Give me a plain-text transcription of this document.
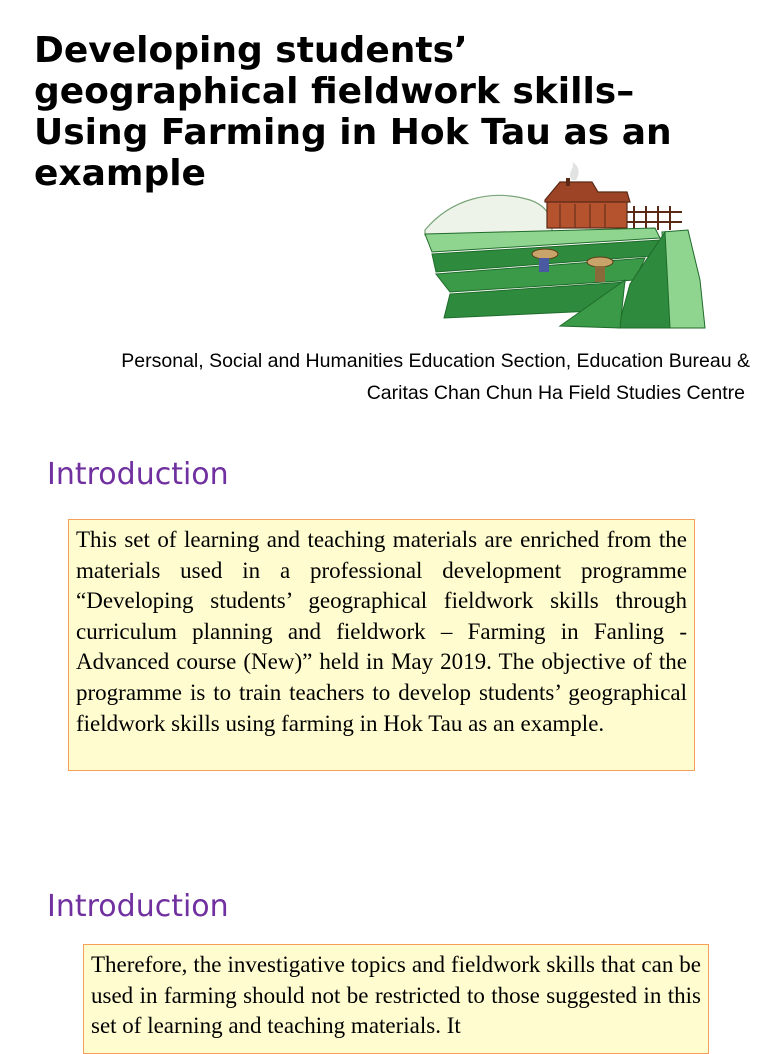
Developing students’ geographical fieldwork skills– Using Farming in Hok Tau as an example
Personal, Social and Humanities Education Section, Education Bureau &
Caritas Chan Chun Ha Field Studies Centre
Introduction
This set of learning and teaching materials are enriched from the materials used in a professional development programme “Developing students’ geographical fieldwork skills through curriculum planning and fieldwork – Farming in Fanling - Advanced course (New)” held in May 2019. The objective of the programme is to train teachers to develop students’ geographical fieldwork skills using farming in Hok Tau as an example.
Introduction
Therefore, the investigative topics and fieldwork skills that can be used in farming should not be restricted to those suggested in this set of learning and teaching materials. It
